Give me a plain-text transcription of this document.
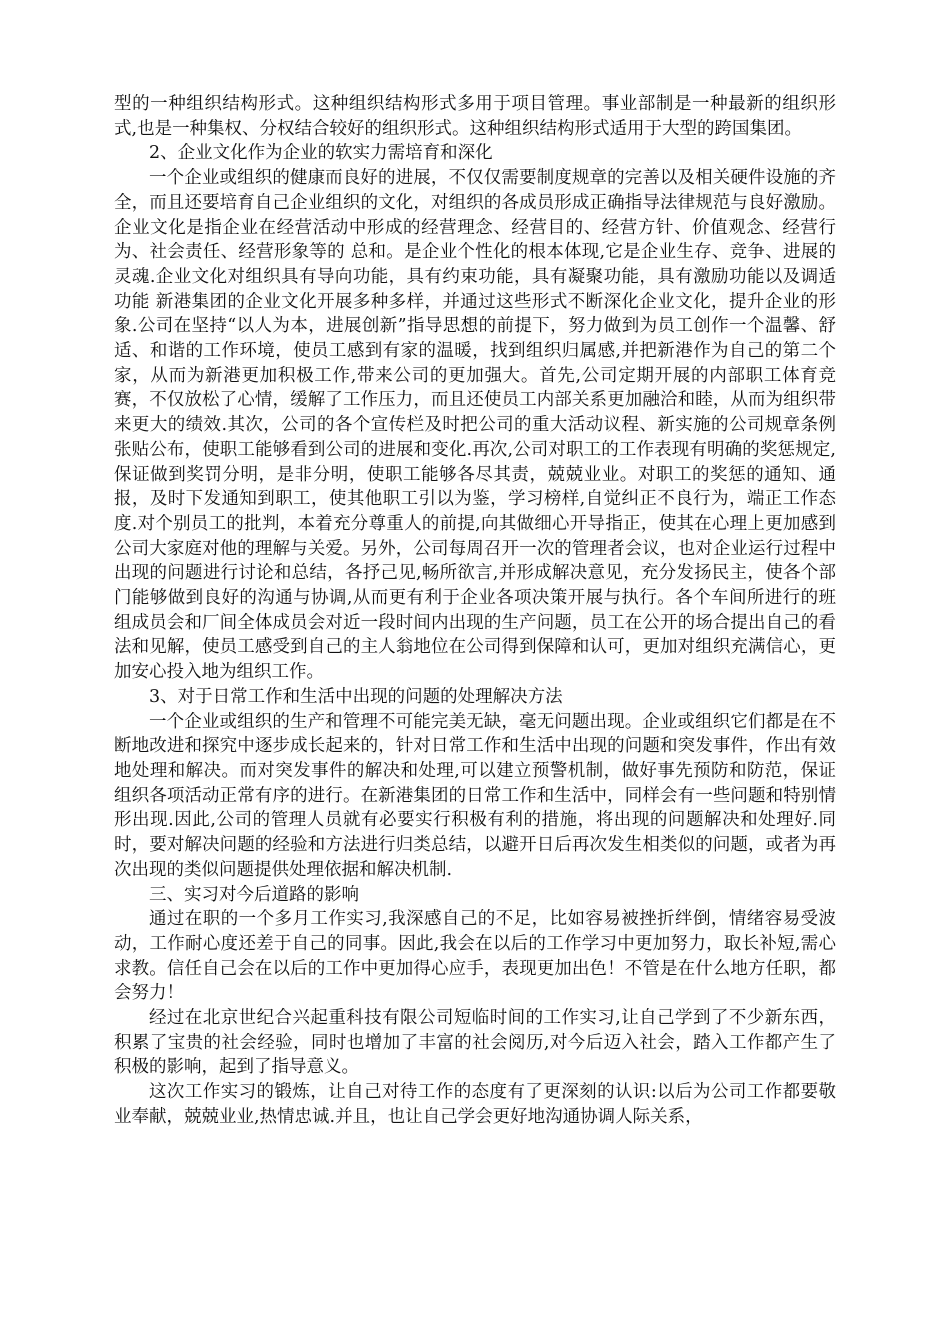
型的一种组织结构形式。这种组织结构形式多用于项目管理。事业部制是一种最新的组织形式,也是一种集权、分权结合较好的组织形式。这种组织结构形式适用于大型的跨国集团。

2、企业文化作为企业的软实力需培育和深化

一个企业或组织的健康而良好的进展，不仅仅需要制度规章的完善以及相关硬件设施的齐全，而且还要培育自己企业组织的文化，对组织的各成员形成正确指导法律规范与良好激励。企业文化是指企业在经营活动中形成的经营理念、经营目的、经营方针、价值观念、经营行为、社会责任、经营形象等的 总和。是企业个性化的根本体现,它是企业生存、竞争、进展的灵魂.企业文化对组织具有导向功能，具有约束功能，具有凝聚功能，具有激励功能以及调适功能 新港集团的企业文化开展多种多样，并通过这些形式不断深化企业文化，提升企业的形象.公司在坚持“以人为本，进展创新”指导思想的前提下，努力做到为员工创作一个温馨、舒适、和谐的工作环境，使员工感到有家的温暖，找到组织归属感,并把新港作为自己的第二个家，从而为新港更加积极工作,带来公司的更加强大。首先,公司定期开展的内部职工体育竞赛，不仅放松了心情，缓解了工作压力，而且还使员工内部关系更加融洽和睦，从而为组织带来更大的绩效.其次，公司的各个宣传栏及时把公司的重大活动议程、新实施的公司规章条例张贴公布，使职工能够看到公司的进展和变化.再次,公司对职工的工作表现有明确的奖惩规定,保证做到奖罚分明，是非分明，使职工能够各尽其责，兢兢业业。对职工的奖惩的通知、通报，及时下发通知到职工，使其他职工引以为鉴，学习榜样,自觉纠正不良行为，端正工作态度.对个别员工的批判，本着充分尊重人的前提,向其做细心开导指正，使其在心理上更加感到公司大家庭对他的理解与关爱。另外，公司每周召开一次的管理者会议，也对企业运行过程中出现的问题进行讨论和总结，各抒己见,畅所欲言,并形成解决意见，充分发扬民主，使各个部门能够做到良好的沟通与协调,从而更有利于企业各项决策开展与执行。各个车间所进行的班组成员会和厂间全体成员会对近一段时间内出现的生产问题，员工在公开的场合提出自己的看法和见解，使员工感受到自己的主人翁地位在公司得到保障和认可，更加对组织充满信心，更加安心投入地为组织工作。

3、对于日常工作和生活中出现的问题的处理解决方法

一个企业或组织的生产和管理不可能完美无缺，毫无问题出现。企业或组织它们都是在不断地改进和探究中逐步成长起来的，针对日常工作和生活中出现的问题和突发事件，作出有效地处理和解决。而对突发事件的解决和处理,可以建立预警机制，做好事先预防和防范，保证组织各项活动正常有序的进行。在新港集团的日常工作和生活中，同样会有一些问题和特别情形出现.因此,公司的管理人员就有必要实行积极有利的措施，将出现的问题解决和处理好.同时，要对解决问题的经验和方法进行归类总结，以避开日后再次发生相类似的问题，或者为再次出现的类似问题提供处理依据和解决机制.

三、实习对今后道路的影响

通过在职的一个多月工作实习,我深感自己的不足，比如容易被挫折绊倒，情绪容易受波动，工作耐心度还差于自己的同事。因此,我会在以后的工作学习中更加努力，取长补短,需心求教。信任自己会在以后的工作中更加得心应手，表现更加出色！不管是在什么地方任职，都会努力！

经过在北京世纪合兴起重科技有限公司短临时间的工作实习,让自己学到了不少新东西，积累了宝贵的社会经验，同时也增加了丰富的社会阅历,对今后迈入社会，踏入工作都产生了积极的影响，起到了指导意义。

这次工作实习的锻炼，让自己对待工作的态度有了更深刻的认识:以后为公司工作都要敬业奉献，兢兢业业,热情忠诚.并且，也让自己学会更好地沟通协调人际关系，
